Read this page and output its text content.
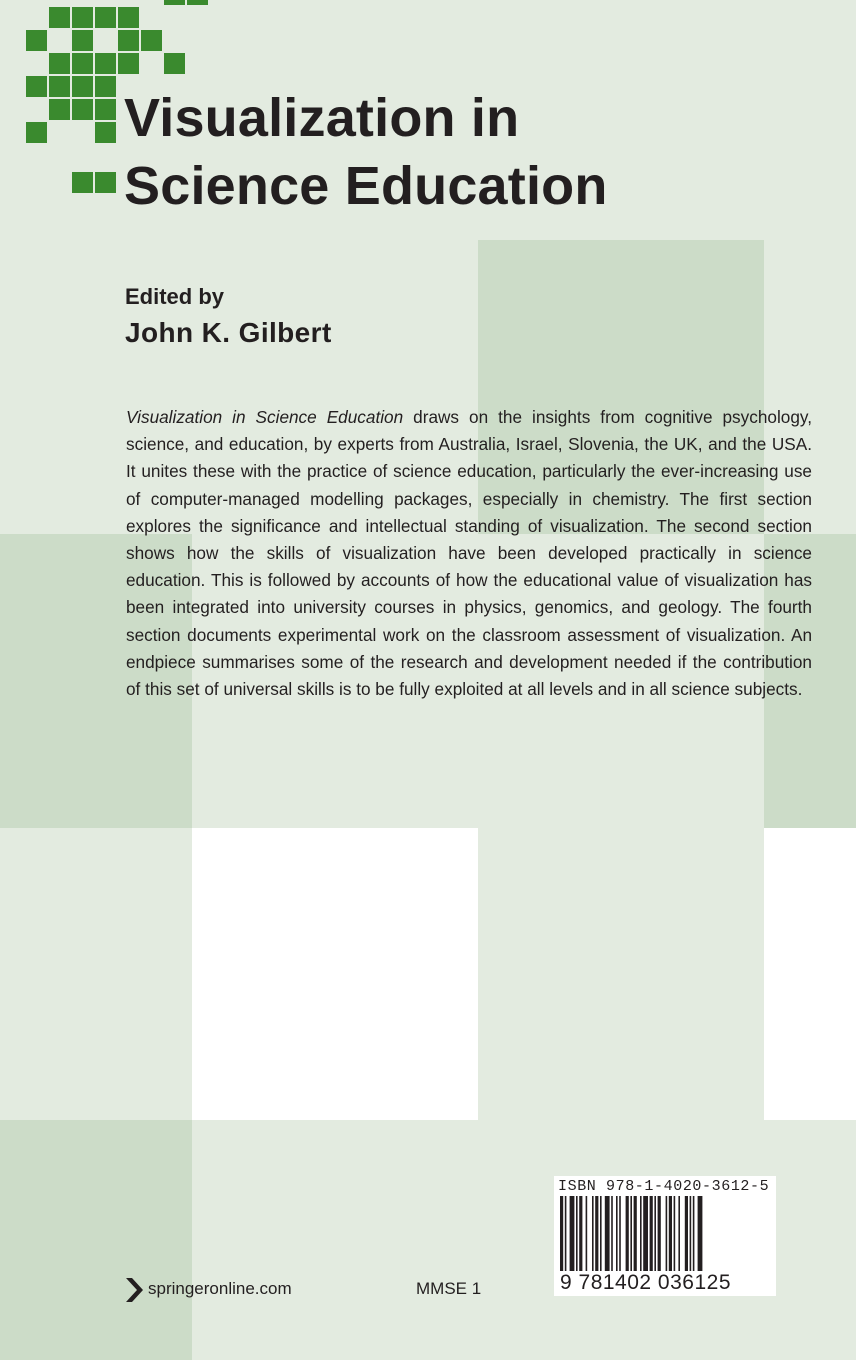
Visualization in
Science Education
Edited by
John K. Gilbert

Visualization in Science Education draws on the insights from cognitive psychology, science, and education, by experts from Australia, Israel, Slovenia, the UK, and the USA. It unites these with the practice of science education, particularly the ever-increasing use of computer-managed modelling packages, especially in chemistry. The first section explores the significance and intellectual standing of visualization. The second section shows how the skills of visualization have been developed practically in science education. This is followed by accounts of how the educational value of visualization has been integrated into university courses in physics, genomics, and geology. The fourth section documents experimental work on the classroom assessment of visualization. An endpiece summarises some of the research and development needed if the contribution of this set of universal skills is to be fully exploited at all levels and in all science subjects.

springeronline.com	MMSE 1
ISBN 978-1-4020-3612-5
9 781402 036125
